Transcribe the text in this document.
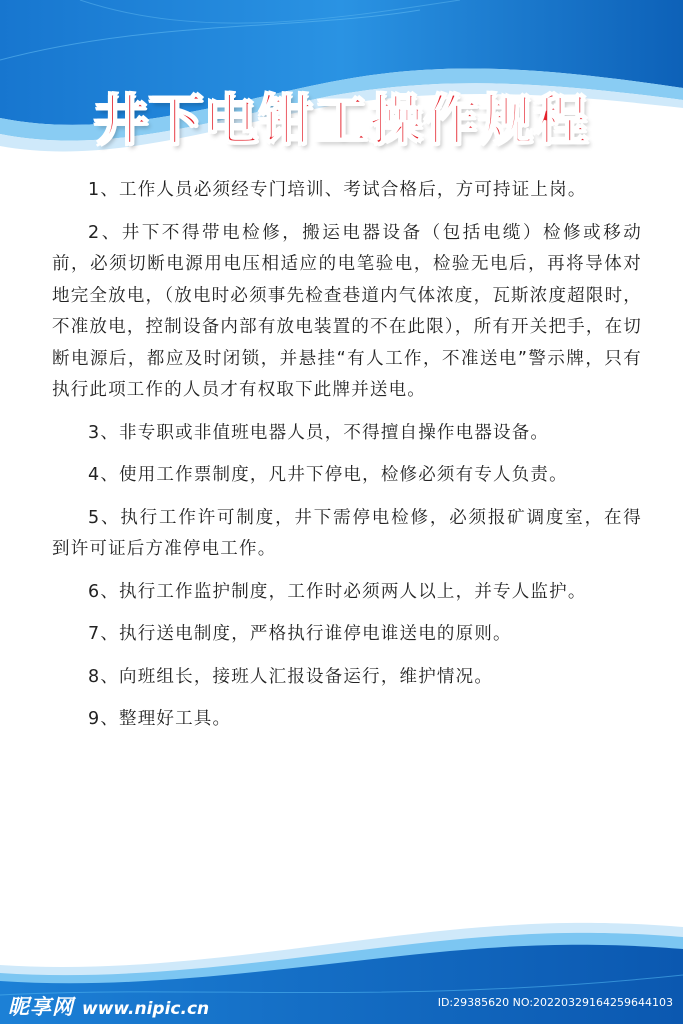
井下电钳工操作规程

1、工作人员必须经专门培训、考试合格后，方可持证上岗。

2、井下不得带电检修，搬运电器设备（包括电缆）检修或移动前，必须切断电源用电压相适应的电笔验电，检验无电后，再将导体对地完全放电，（放电时必须事先检查巷道内气体浓度，瓦斯浓度超限时，不准放电，控制设备内部有放电装置的不在此限），所有开关把手，在切断电源后，都应及时闭锁，并悬挂“有人工作，不准送电”警示牌，只有执行此项工作的人员才有权取下此牌并送电。

3、非专职或非值班电器人员，不得擅自操作电器设备。

4、使用工作票制度，凡井下停电，检修必须有专人负责。

5、执行工作许可制度，井下需停电检修，必须报矿调度室，在得到许可证后方准停电工作。

6、执行工作监护制度，工作时必须两人以上，并专人监护。

7、执行送电制度，严格执行谁停电谁送电的原则。

8、向班组长，接班人汇报设备运行，维护情况。

9、整理好工具。

昵享网 www.nipic.cn	ID:29385620 NO:20220329164259644103
